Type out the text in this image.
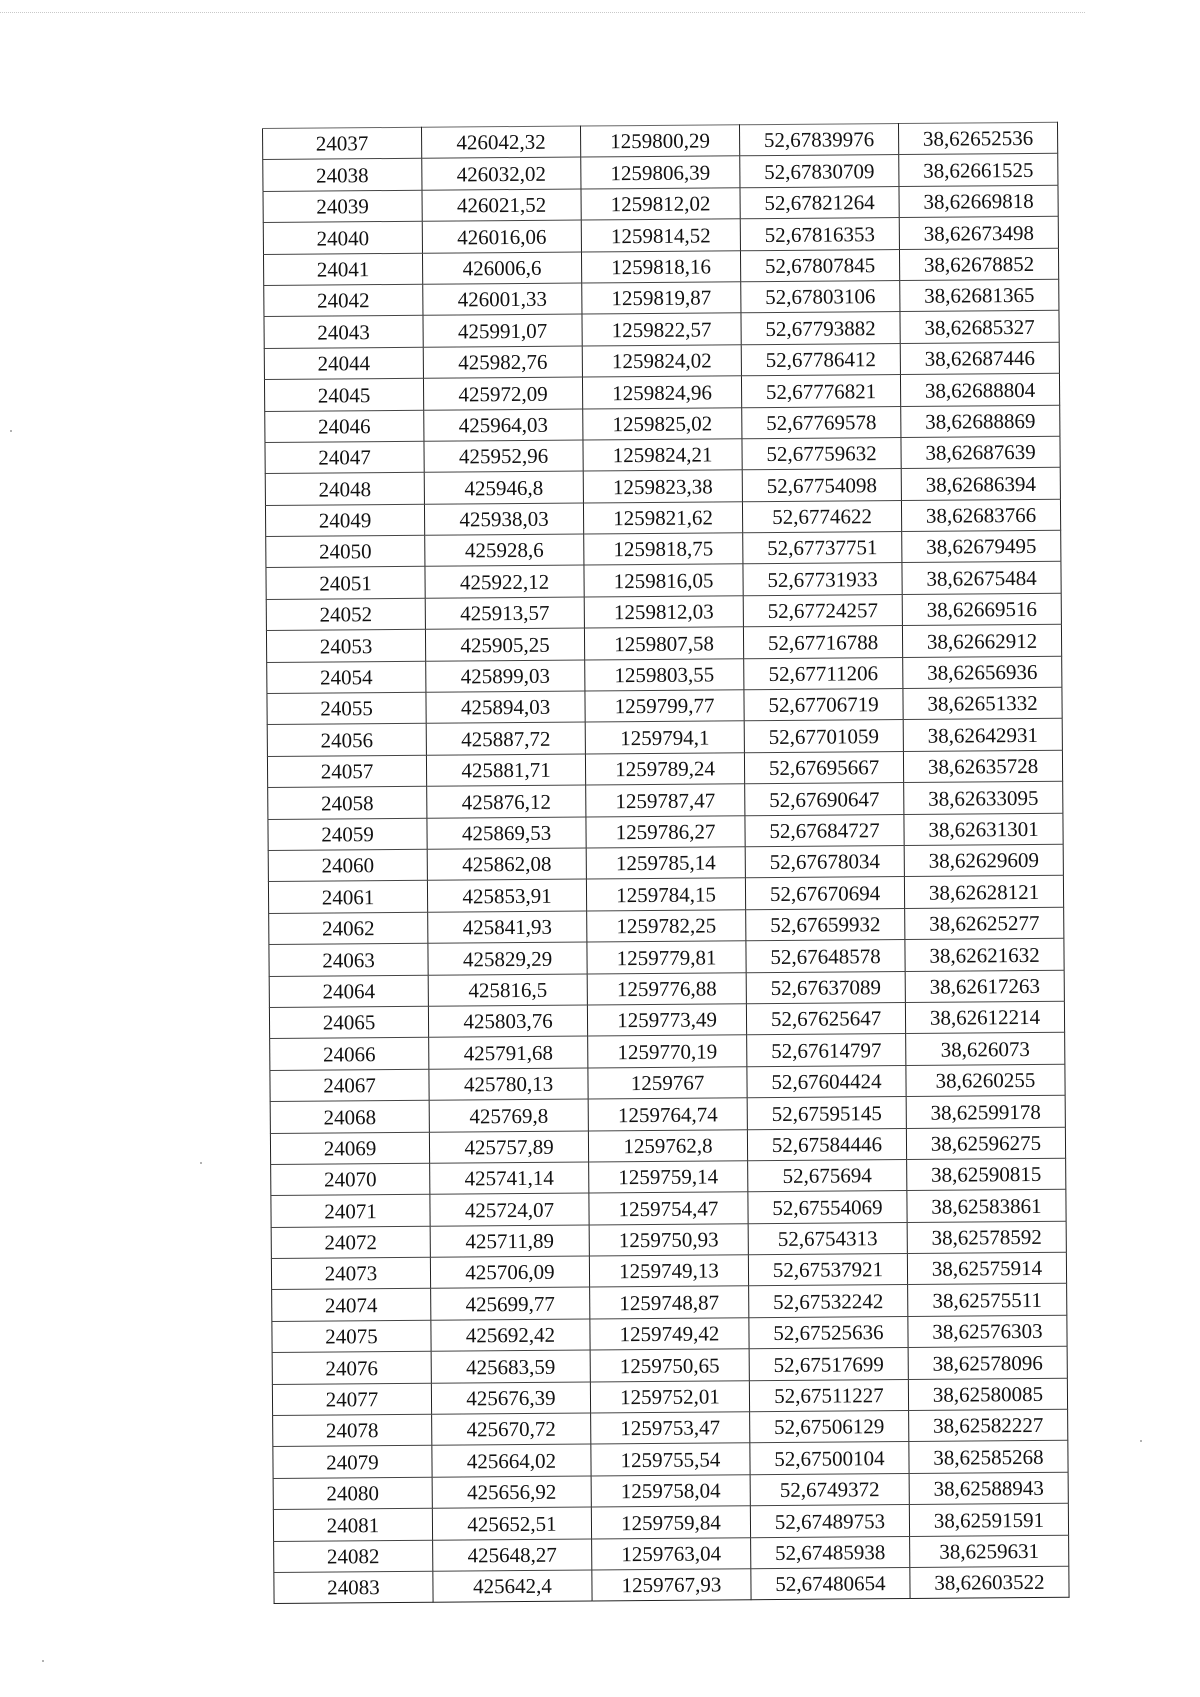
24037	426042,32	1259800,29	52,67839976	38,62652536
24038	426032,02	1259806,39	52,67830709	38,62661525
24039	426021,52	1259812,02	52,67821264	38,62669818
24040	426016,06	1259814,52	52,67816353	38,62673498
24041	426006,6	1259818,16	52,67807845	38,62678852
24042	426001,33	1259819,87	52,67803106	38,62681365
24043	425991,07	1259822,57	52,67793882	38,62685327
24044	425982,76	1259824,02	52,67786412	38,62687446
24045	425972,09	1259824,96	52,67776821	38,62688804
24046	425964,03	1259825,02	52,67769578	38,62688869
24047	425952,96	1259824,21	52,67759632	38,62687639
24048	425946,8	1259823,38	52,67754098	38,62686394
24049	425938,03	1259821,62	52,6774622	38,62683766
24050	425928,6	1259818,75	52,67737751	38,62679495
24051	425922,12	1259816,05	52,67731933	38,62675484
24052	425913,57	1259812,03	52,67724257	38,62669516
24053	425905,25	1259807,58	52,67716788	38,62662912
24054	425899,03	1259803,55	52,67711206	38,62656936
24055	425894,03	1259799,77	52,67706719	38,62651332
24056	425887,72	1259794,1	52,67701059	38,62642931
24057	425881,71	1259789,24	52,67695667	38,62635728
24058	425876,12	1259787,47	52,67690647	38,62633095
24059	425869,53	1259786,27	52,67684727	38,62631301
24060	425862,08	1259785,14	52,67678034	38,62629609
24061	425853,91	1259784,15	52,67670694	38,62628121
24062	425841,93	1259782,25	52,67659932	38,62625277
24063	425829,29	1259779,81	52,67648578	38,62621632
24064	425816,5	1259776,88	52,67637089	38,62617263
24065	425803,76	1259773,49	52,67625647	38,62612214
24066	425791,68	1259770,19	52,67614797	38,626073
24067	425780,13	1259767	52,67604424	38,6260255
24068	425769,8	1259764,74	52,67595145	38,62599178
24069	425757,89	1259762,8	52,67584446	38,62596275
24070	425741,14	1259759,14	52,675694	38,62590815
24071	425724,07	1259754,47	52,67554069	38,62583861
24072	425711,89	1259750,93	52,6754313	38,62578592
24073	425706,09	1259749,13	52,67537921	38,62575914
24074	425699,77	1259748,87	52,67532242	38,62575511
24075	425692,42	1259749,42	52,67525636	38,62576303
24076	425683,59	1259750,65	52,67517699	38,62578096
24077	425676,39	1259752,01	52,67511227	38,62580085
24078	425670,72	1259753,47	52,67506129	38,62582227
24079	425664,02	1259755,54	52,67500104	38,62585268
24080	425656,92	1259758,04	52,6749372	38,62588943
24081	425652,51	1259759,84	52,67489753	38,62591591
24082	425648,27	1259763,04	52,67485938	38,6259631
24083	425642,4	1259767,93	52,67480654	38,62603522
